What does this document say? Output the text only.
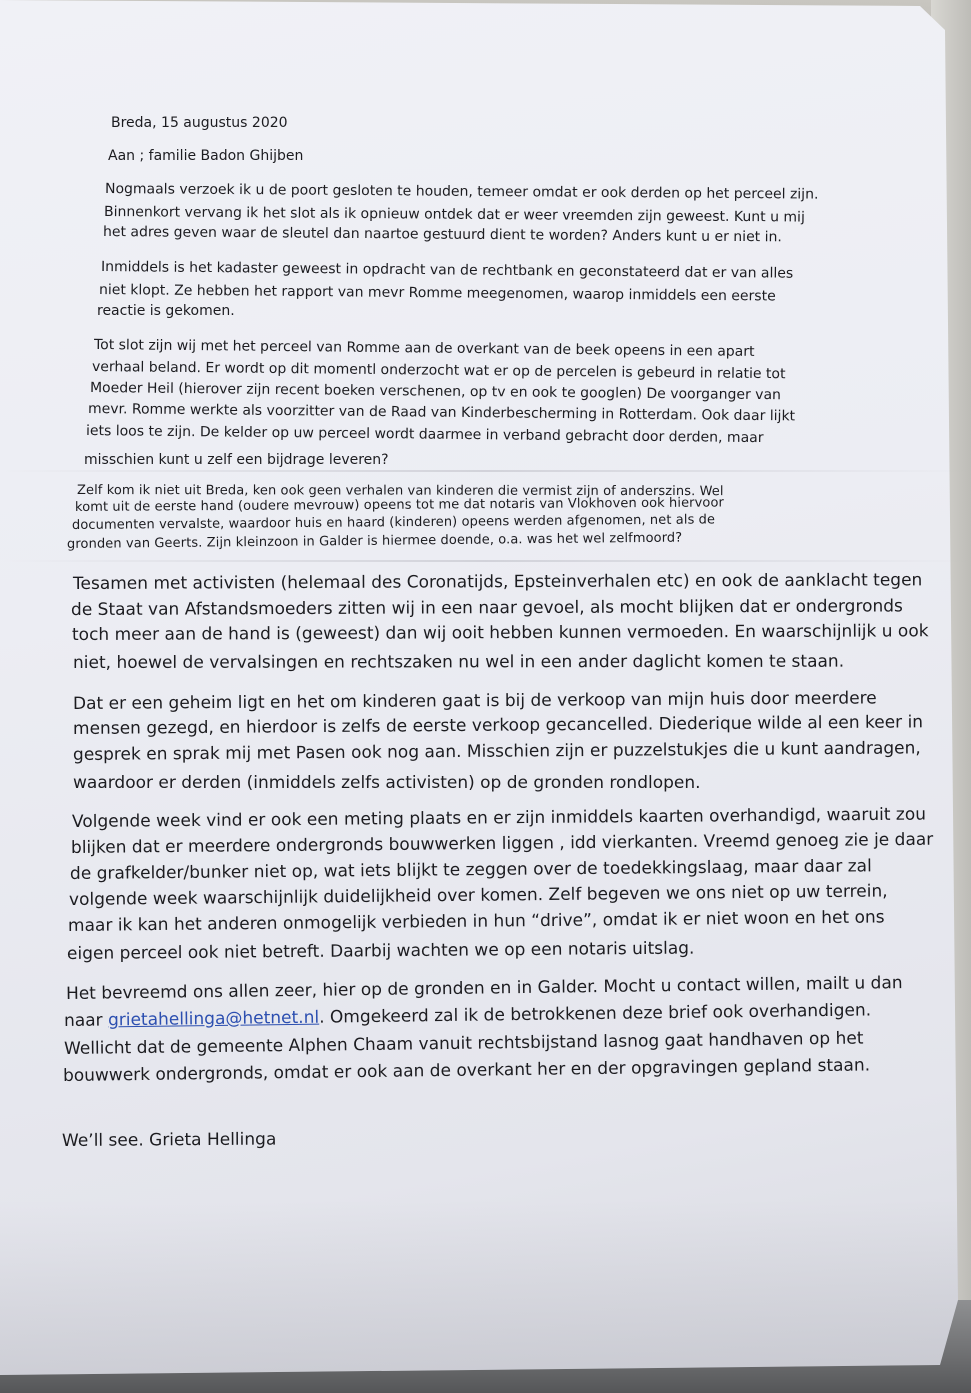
Breda, 15 augustus 2020
Aan ; familie Badon Ghijben
Nogmaals verzoek ik u de poort gesloten te houden, temeer omdat er ook derden op het perceel zijn.
Binnenkort vervang ik het slot als ik opnieuw ontdek dat er weer vreemden zijn geweest. Kunt u mij
het adres geven waar de sleutel dan naartoe gestuurd dient te worden? Anders kunt u er niet in.
Inmiddels is het kadaster geweest in opdracht van de rechtbank en geconstateerd dat er van alles
niet klopt. Ze hebben het rapport van mevr Romme meegenomen, waarop inmiddels een eerste
reactie is gekomen.
Tot slot zijn wij met het perceel van Romme aan de overkant van de beek opeens in een apart
verhaal beland. Er wordt op dit momentl onderzocht wat er op de percelen is gebeurd in relatie tot
Moeder Heil (hierover zijn recent boeken verschenen, op tv en ook te googlen) De voorganger van
mevr. Romme werkte als voorzitter van de Raad van Kinderbescherming in Rotterdam. Ook daar lijkt
iets loos te zijn. De kelder op uw perceel wordt daarmee in verband gebracht door derden, maar
misschien kunt u zelf een bijdrage leveren?
Zelf kom ik niet uit Breda, ken ook geen verhalen van kinderen die vermist zijn of anderszins. Wel
komt uit de eerste hand (oudere mevrouw) opeens tot me dat notaris van Vlokhoven ook hiervoor
documenten vervalste, waardoor huis en haard (kinderen) opeens werden afgenomen, net als de
gronden van Geerts. Zijn kleinzoon in Galder is hiermee doende, o.a. was het wel zelfmoord?
Tesamen met activisten (helemaal des Coronatijds, Epsteinverhalen etc) en ook de aanklacht tegen
de Staat van Afstandsmoeders zitten wij in een naar gevoel, als mocht blijken dat er ondergronds
toch meer aan de hand is (geweest) dan wij ooit hebben kunnen vermoeden. En waarschijnlijk u ook
niet, hoewel de vervalsingen en rechtszaken nu wel in een ander daglicht komen te staan.
Dat er een geheim ligt en het om kinderen gaat is bij de verkoop van mijn huis door meerdere
mensen gezegd, en hierdoor is zelfs de eerste verkoop gecancelled. Diederique wilde al een keer in
gesprek en sprak mij met Pasen ook nog aan. Misschien zijn er puzzelstukjes die u kunt aandragen,
waardoor er derden (inmiddels zelfs activisten) op de gronden rondlopen.
Volgende week vind er ook een meting plaats en er zijn inmiddels kaarten overhandigd, waaruit zou
blijken dat er meerdere ondergronds bouwwerken liggen , idd vierkanten. Vreemd genoeg zie je daar
de grafkelder/bunker niet op, wat iets blijkt te zeggen over de toedekkingslaag, maar daar zal
volgende week waarschijnlijk duidelijkheid over komen. Zelf begeven we ons niet op uw terrein,
maar ik kan het anderen onmogelijk verbieden in hun “drive”, omdat ik er niet woon en het ons
eigen perceel ook niet betreft. Daarbij wachten we op een notaris uitslag.
Het bevreemd ons allen zeer, hier op de gronden en in Galder. Mocht u contact willen, mailt u dan
naar grietahellinga@hetnet.nl. Omgekeerd zal ik de betrokkenen deze brief ook overhandigen.
Wellicht dat de gemeente Alphen Chaam vanuit rechtsbijstand lasnog gaat handhaven op het
bouwwerk ondergronds, omdat er ook aan de overkant her en der opgravingen gepland staan.
We’ll see. Grieta Hellinga
